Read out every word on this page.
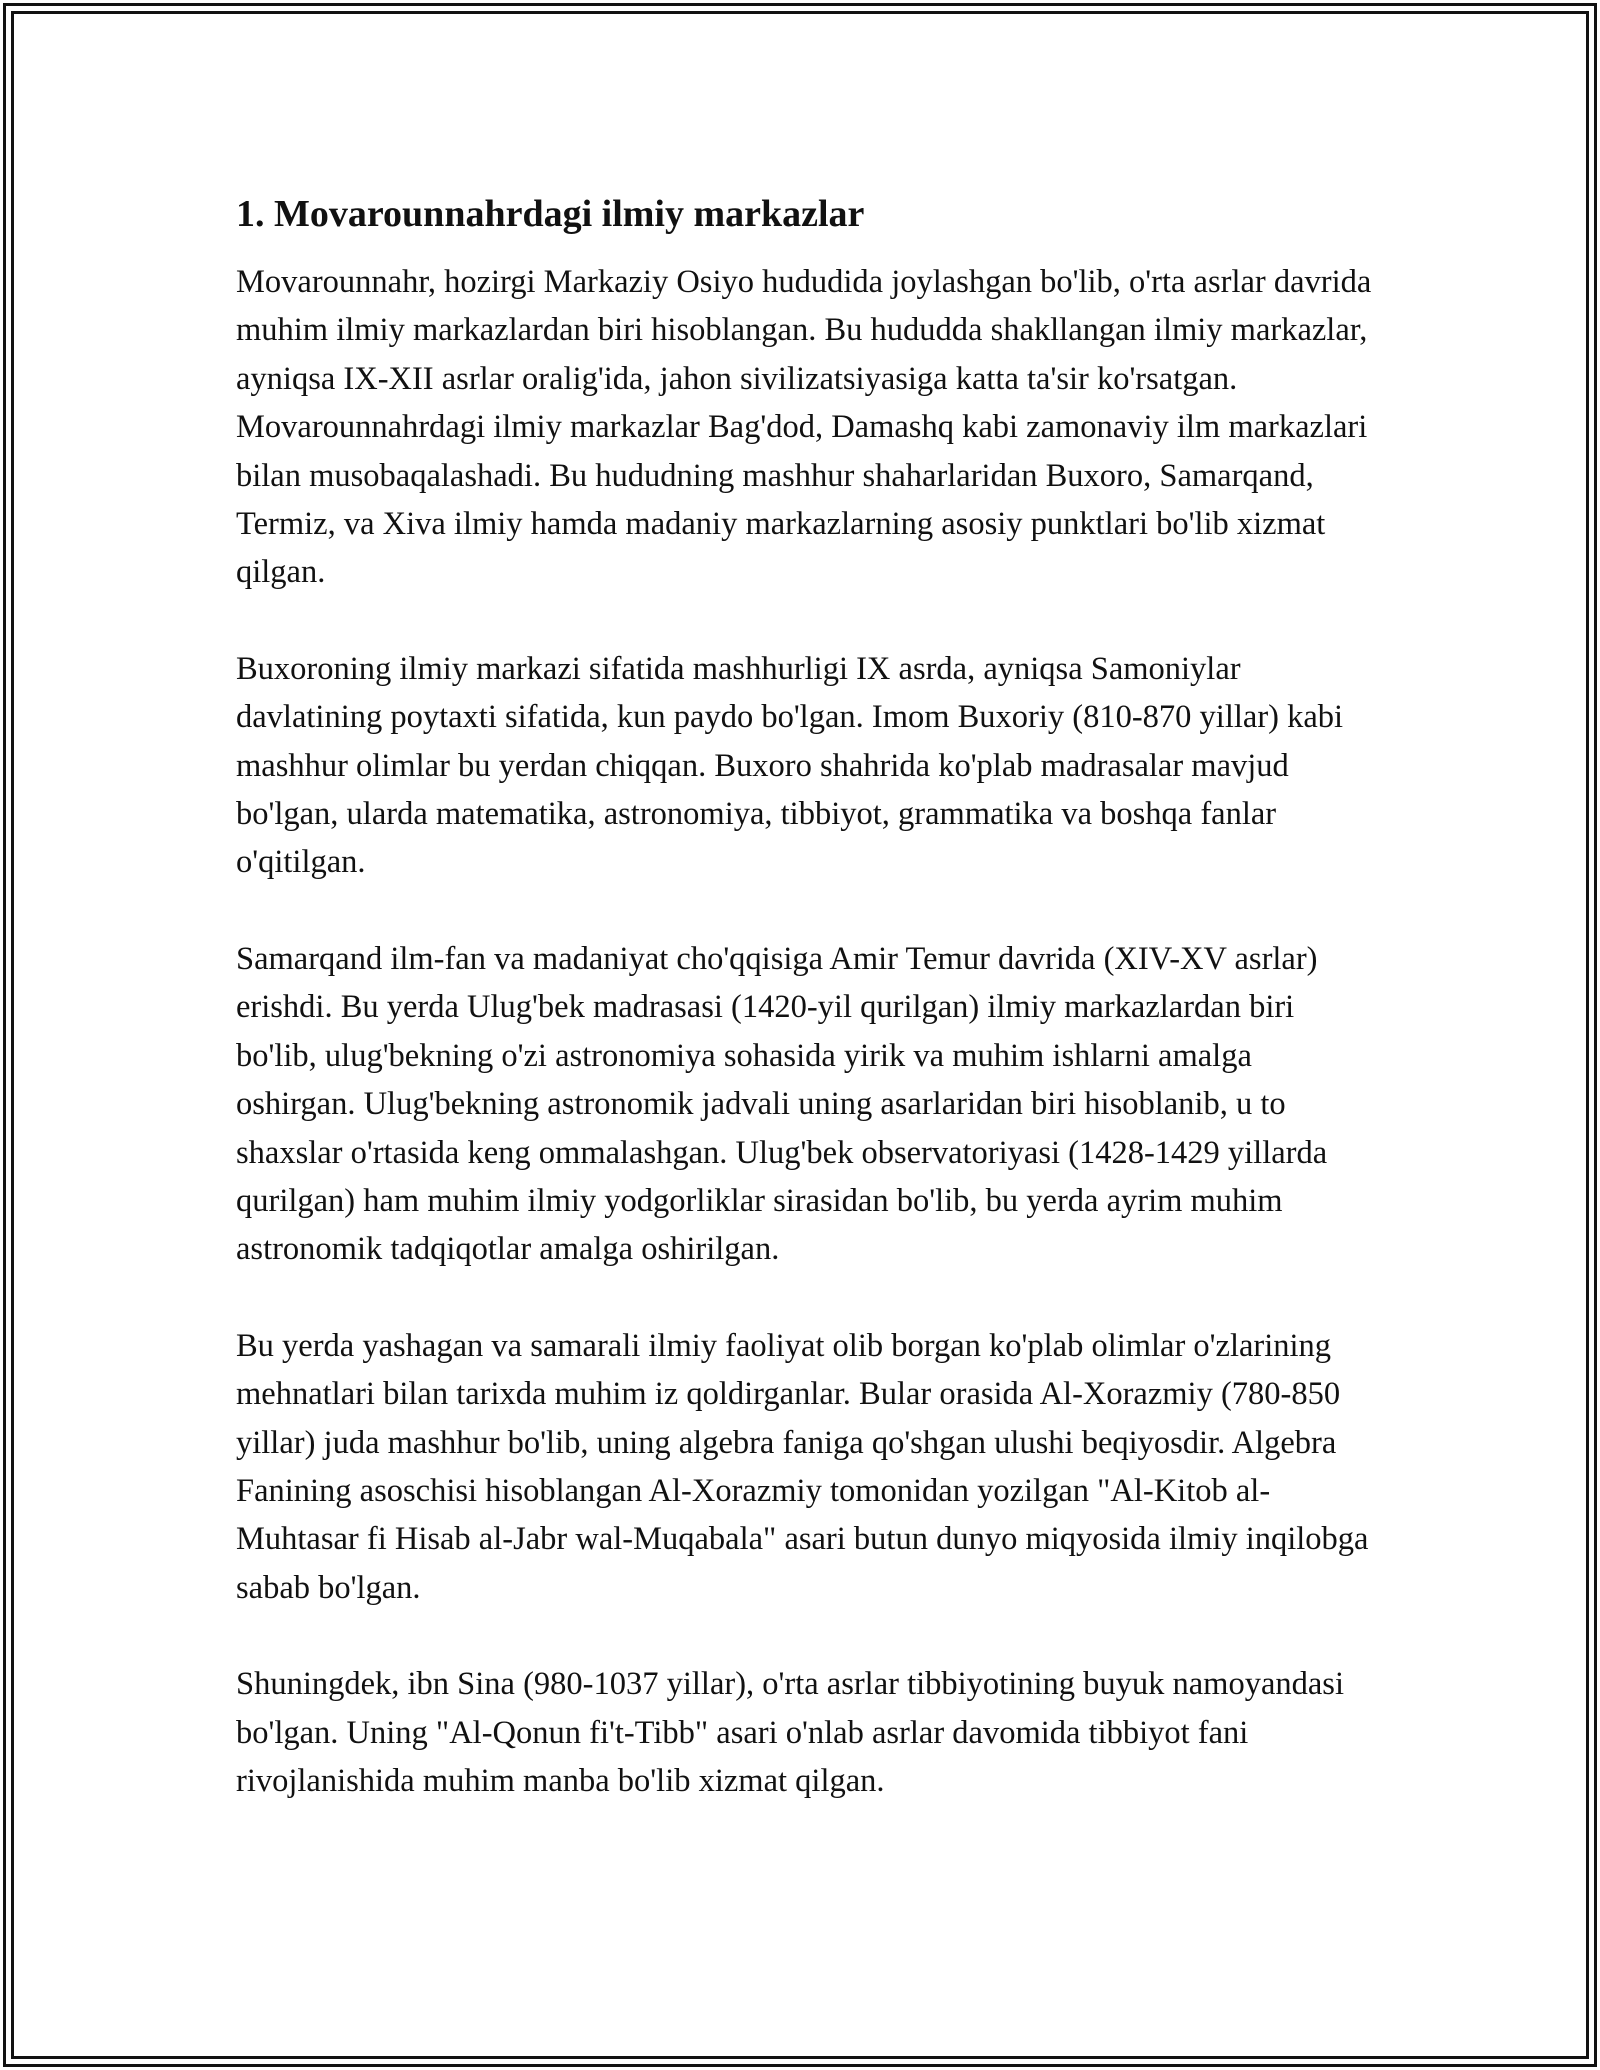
1. Movarounnahrdagi ilmiy markazlar

Movarounnahr, hozirgi Markaziy Osiyo hududida joylashgan bo'lib, o'rta asrlar davrida muhim ilmiy markazlardan biri hisoblangan. Bu hududda shakllangan ilmiy markazlar, ayniqsa IX-XII asrlar oralig'ida, jahon sivilizatsiyasiga katta ta'sir ko'rsatgan. Movarounnahrdagi ilmiy markazlar Bag'dod, Damashq kabi zamonaviy ilm markazlari bilan musobaqalashadi. Bu hududning mashhur shaharlaridan Buxoro, Samarqand, Termiz, va Xiva ilmiy hamda madaniy markazlarning asosiy punktlari bo'lib xizmat qilgan.

Buxoroning ilmiy markazi sifatida mashhurligi IX asrda, ayniqsa Samoniylar davlatining poytaxti sifatida, kun paydo bo'lgan. Imom Buxoriy (810-870 yillar) kabi mashhur olimlar bu yerdan chiqqan. Buxoro shahrida ko'plab madrasalar mavjud bo'lgan, ularda matematika, astronomiya, tibbiyot, grammatika va boshqa fanlar o'qitilgan.

Samarqand ilm-fan va madaniyat cho'qqisiga Amir Temur davrida (XIV-XV asrlar) erishdi. Bu yerda Ulug'bek madrasasi (1420-yil qurilgan) ilmiy markazlardan biri bo'lib, ulug'bekning o'zi astronomiya sohasida yirik va muhim ishlarni amalga oshirgan. Ulug'bekning astronomik jadvali uning asarlaridan biri hisoblanib, u to shaxslar o'rtasida keng ommalashgan. Ulug'bek observatoriyasi (1428-1429 yillarda qurilgan) ham muhim ilmiy yodgorliklar sirasidan bo'lib, bu yerda ayrim muhim astronomik tadqiqotlar amalga oshirilgan.

Bu yerda yashagan va samarali ilmiy faoliyat olib borgan ko'plab olimlar o'zlarining mehnatlari bilan tarixda muhim iz qoldirganlar. Bular orasida Al-Xorazmiy (780-850 yillar) juda mashhur bo'lib, uning algebra faniga qo'shgan ulushi beqiyosdir. Algebra Fanining asoschisi hisoblangan Al-Xorazmiy tomonidan yozilgan "Al-Kitob al-Muhtasar fi Hisab al-Jabr wal-Muqabala" asari butun dunyo miqyosida ilmiy inqilobga sabab bo'lgan.

Shuningdek, ibn Sina (980-1037 yillar), o'rta asrlar tibbiyotining buyuk namoyandasi bo'lgan. Uning "Al-Qonun fi't-Tibb" asari o'nlab asrlar davomida tibbiyot fani rivojlanishida muhim manba bo'lib xizmat qilgan.
